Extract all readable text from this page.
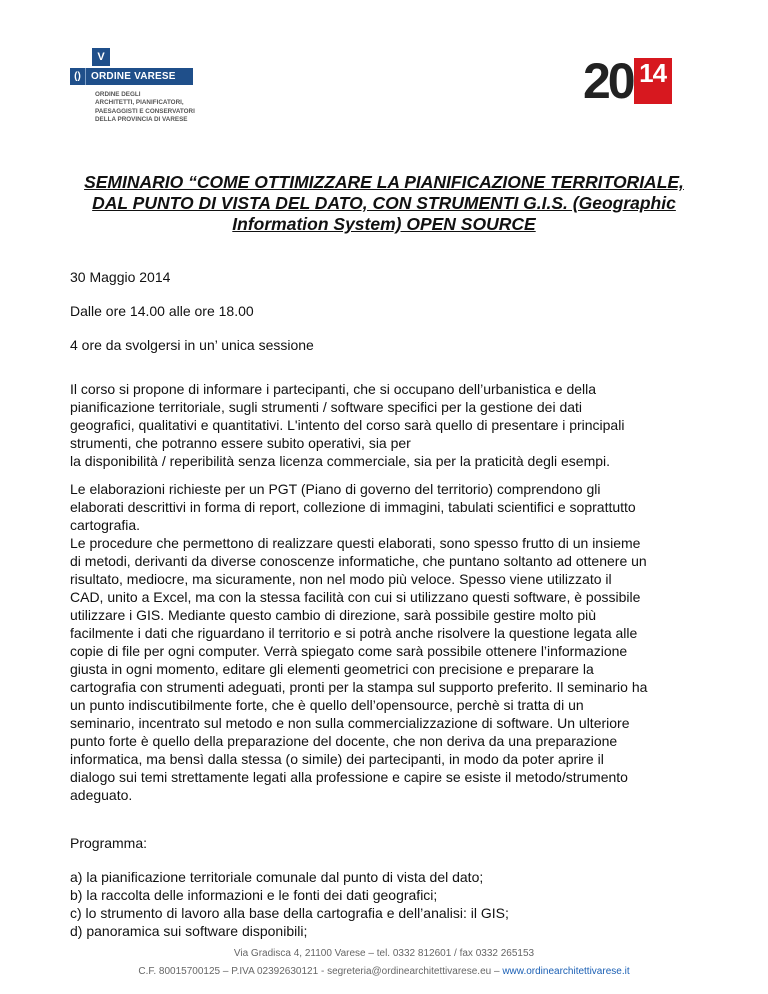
V
()	ORDINE VARESE
ORDINE DEGLI
ARCHITETTI, PIANIFICATORI,
PAESAGGISTI E CONSERVATORI
DELLA PROVINCIA DI VARESE
20 14
SEMINARIO “COME OTTIMIZZARE LA PIANIFICAZIONE TERRITORIALE, DAL PUNTO DI VISTA DEL DATO, CON STRUMENTI G.I.S. (Geographic Information System) OPEN SOURCE

30 Maggio 2014

Dalle ore 14.00 alle ore 18.00

4 ore da svolgersi in un’ unica sessione

Il corso si propone di informare i partecipanti, che si occupano dell’urbanistica e della
pianificazione territoriale, sugli strumenti / software specifici per la gestione dei dati
geografici, qualitativi e quantitativi. L'intento del corso sarà quello di presentare i principali
strumenti, che potranno essere subito operativi, sia per
la disponibilità / reperibilità senza licenza commerciale, sia per la praticità degli esempi.
Le elaborazioni richieste per un PGT (Piano di governo del territorio) comprendono gli
elaborati descrittivi in forma di report, collezione di immagini, tabulati scientifici e soprattutto
cartografia.
Le procedure che permettono di realizzare questi elaborati, sono spesso frutto di un insieme
di metodi, derivanti da diverse conoscenze informatiche, che puntano soltanto ad ottenere un
risultato, mediocre, ma sicuramente, non nel modo più veloce. Spesso viene utilizzato il
CAD, unito a Excel, ma con la stessa facilità con cui si utilizzano questi software, è possibile
utilizzare i GIS. Mediante questo cambio di direzione, sarà possibile gestire molto più
facilmente i dati che riguardano il territorio e si potrà anche risolvere la questione legata alle
copie di file per ogni computer. Verrà spiegato come sarà possibile ottenere l’informazione
giusta in ogni momento, editare gli elementi geometrici con precisione e preparare la
cartografia con strumenti adeguati, pronti per la stampa sul supporto preferito. Il seminario ha
un punto indiscutibilmente forte, che è quello dell’opensource, perchè si tratta di un
seminario, incentrato sul metodo e non sulla commercializzazione di software. Un ulteriore
punto forte è quello della preparazione del docente, che non deriva da una preparazione
informatica, ma bensì dalla stessa (o simile) dei partecipanti, in modo da poter aprire il
dialogo sui temi strettamente legati alla professione e capire se esiste il metodo/strumento
adeguato.

Programma:

a) la pianificazione territoriale comunale dal punto di vista del dato;
b) la raccolta delle informazioni e le fonti dei dati geografici;
c) lo strumento di lavoro alla base della cartografia e dell’analisi: il GIS;
d) panoramica sui software disponibili;
Via Gradisca 4, 21100 Varese – tel. 0332 812601 / fax 0332 265153
C.F. 80015700125 – P.IVA 02392630121 - segreteria@ordinearchitettivarese.eu – www.ordinearchitettivarese.it
